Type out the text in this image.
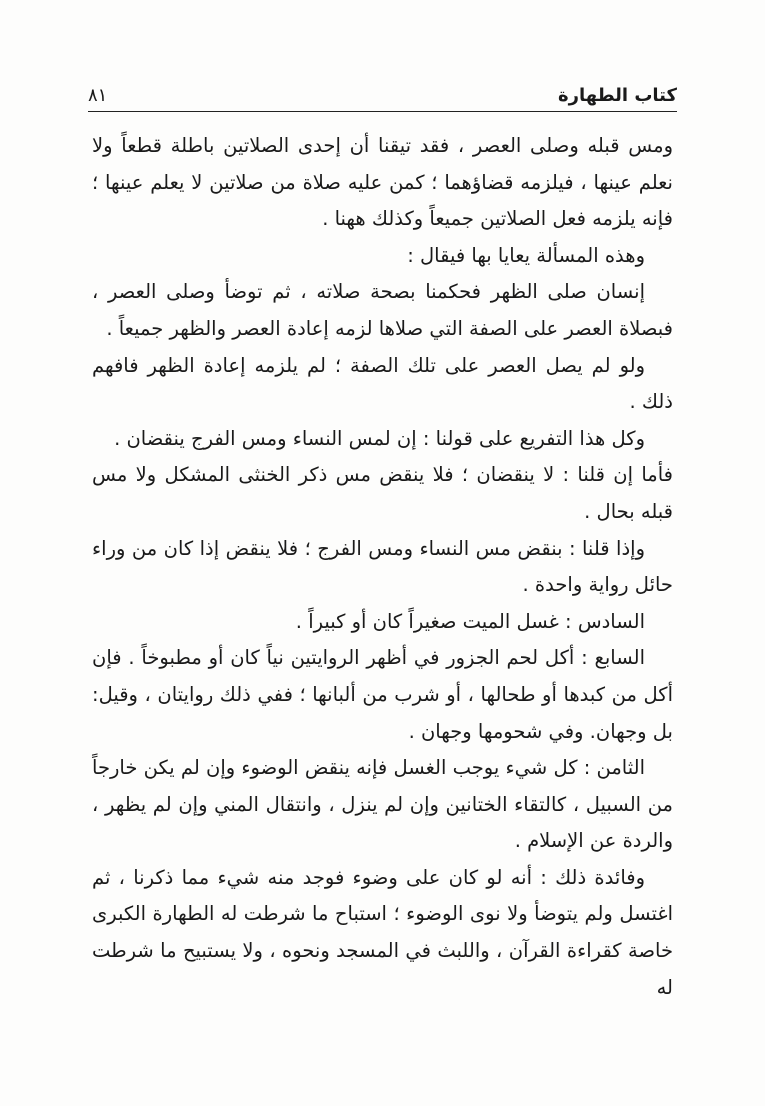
كتاب الطهارة
٨١

ومس قبله وصلى العصر ، فقد تيقنا أن إحدى الصلاتين باطلة قطعاً ولا نعلم عينها ، فيلزمه قضاؤهما ؛ كمن عليه صلاة من صلاتين لا يعلم عينها ؛ فإنه يلزمه فعل الصلاتين جميعاً وكذلك ههنا .

وهذه المسألة يعايا بها فيقال :

إنسان صلى الظهر فحكمنا بصحة صلاته ، ثم توضأ وصلى العصر ، فبصلاة العصر على الصفة التي صلاها لزمه إعادة العصر والظهر جميعاً .

ولو لم يصل العصر على تلك الصفة ؛ لم يلزمه إعادة الظهر فافهم ذلك .

وكل هذا التفريع على قولنا : إن لمس النساء ومس الفرج ينقضان .

فأما إن قلنا : لا ينقضان ؛ فلا ينقض مس ذكر الخنثى المشكل ولا مس قبله بحال .

وإذا قلنا : بنقض مس النساء ومس الفرج ؛ فلا ينقض إذا كان من وراء حائل رواية واحدة .

السادس : غسل الميت صغيراً كان أو كبيراً .

السابع : أكل لحم الجزور في أظهر الروايتين نياً كان أو مطبوخاً . فإن أكل من كبدها أو طحالها ، أو شرب من ألبانها ؛ ففي ذلك روايتان ، وقيل: بل وجهان. وفي شحومها وجهان .

الثامن : كل شيء يوجب الغسل فإنه ينقض الوضوء وإن لم يكن خارجاً من السبيل ، كالتقاء الختانين وإن لم ينزل ، وانتقال المني وإن لم يظهر ، والردة عن الإسلام .

وفائدة ذلك : أنه لو كان على وضوء فوجد منه شيء مما ذكرنا ، ثم اغتسل ولم يتوضأ ولا نوى الوضوء ؛ استباح ما شرطت له الطهارة الكبرى خاصة كقراءة القرآن ، واللبث في المسجد ونحوه ، ولا يستبيح ما شرطت له
